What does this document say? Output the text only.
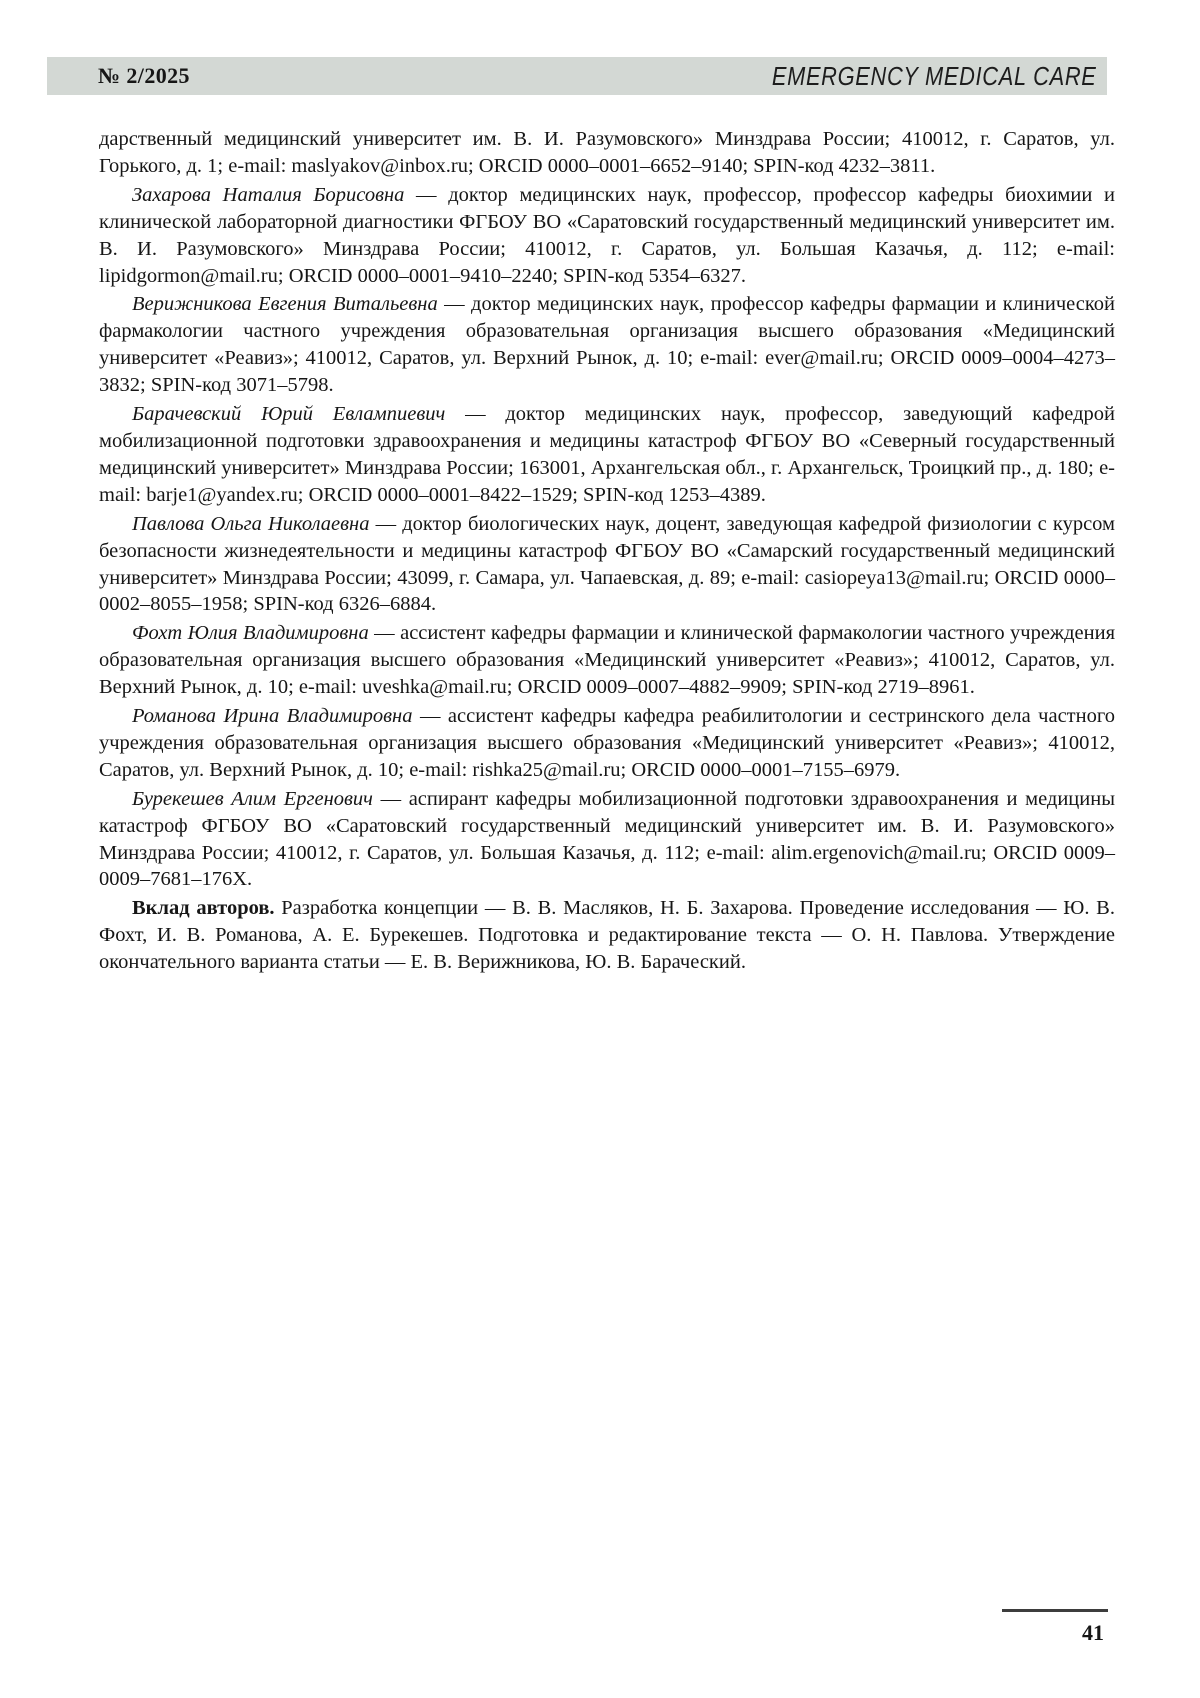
№ 2/2025	EMERGENCY MEDICAL CARE

дарственный медицинский университет им. В. И. Разумовского» Минздрава России; 410012, г. Саратов, ул. Горького, д. 1; e-mail: maslyakov@inbox.ru; ORCID 0000–0001–6652–9140; SPIN-код 4232–3811.

Захарова Наталия Борисовна — доктор медицинских наук, профессор, профессор кафедры биохимии и клинической лабораторной диагностики ФГБОУ ВО «Саратовский государственный медицинский университет им. В. И. Разумовского» Минздрава России; 410012, г. Саратов, ул. Большая Казачья, д. 112; e-mail: lipidgormon@mail.ru; ORCID 0000–0001–9410–2240; SPIN-код 5354–6327.

Верижникова Евгения Витальевна — доктор медицинских наук, профессор кафедры фармации и клинической фармакологии частного учреждения образовательная организация высшего образования «Медицинский университет «Реавиз»; 410012, Саратов, ул. Верхний Рынок, д. 10; e-mail: ever@mail.ru; ORCID 0009–0004–4273–3832; SPIN-код 3071–5798.

Барачевский Юрий Евлампиевич — доктор медицинских наук, профессор, заведующий кафедрой мобилизационной подготовки здравоохранения и медицины катастроф ФГБОУ ВО «Северный государственный медицинский университет» Минздрава России; 163001, Архангельская обл., г. Архангельск, Троицкий пр., д. 180; e-mail: barje1@yandex.ru; ORCID 0000–0001–8422–1529; SPIN-код 1253–4389.

Павлова Ольга Николаевна — доктор биологических наук, доцент, заведующая кафедрой физиологии с курсом безопасности жизнедеятельности и медицины катастроф ФГБОУ ВО «Самарский государственный медицинский университет» Минздрава России; 43099, г. Самара, ул. Чапаевская, д. 89; e-mail: casiopeya13@mail.ru; ORCID 0000–0002–8055–1958; SPIN-код 6326–6884.

Фохт Юлия Владимировна — ассистент кафедры фармации и клинической фармакологии частного учреждения образовательная организация высшего образования «Медицинский университет «Реавиз»; 410012, Саратов, ул. Верхний Рынок, д. 10; e-mail: uveshka@mail.ru; ORCID 0009–0007–4882–9909; SPIN-код 2719–8961.

Романова Ирина Владимировна — ассистент кафедры кафедра реабилитологии и сестринского дела частного учреждения образовательная организация высшего образования «Медицинский университет «Реавиз»; 410012, Саратов, ул. Верхний Рынок, д. 10; e-mail: rishka25@mail.ru; ORCID 0000–0001–7155–6979.

Бурекешев Алим Ергенович — аспирант кафедры мобилизационной подготовки здравоохранения и медицины катастроф ФГБОУ ВО «Саратовский государственный медицинский университет им. В. И. Разумовского» Минздрава России; 410012, г. Саратов, ул. Большая Казачья, д. 112; e-mail: alim.ergenovich@mail.ru; ORCID 0009–0009–7681–176X.

Вклад авторов. Разработка концепции — В. В. Масляков, Н. Б. Захарова. Проведение исследования — Ю. В. Фохт, И. В. Романова, А. Е. Бурекешев. Подготовка и редактирование текста — О. Н. Павлова. Утверждение окончательного варианта статьи — Е. В. Верижникова, Ю. В. Бараческий.

41
